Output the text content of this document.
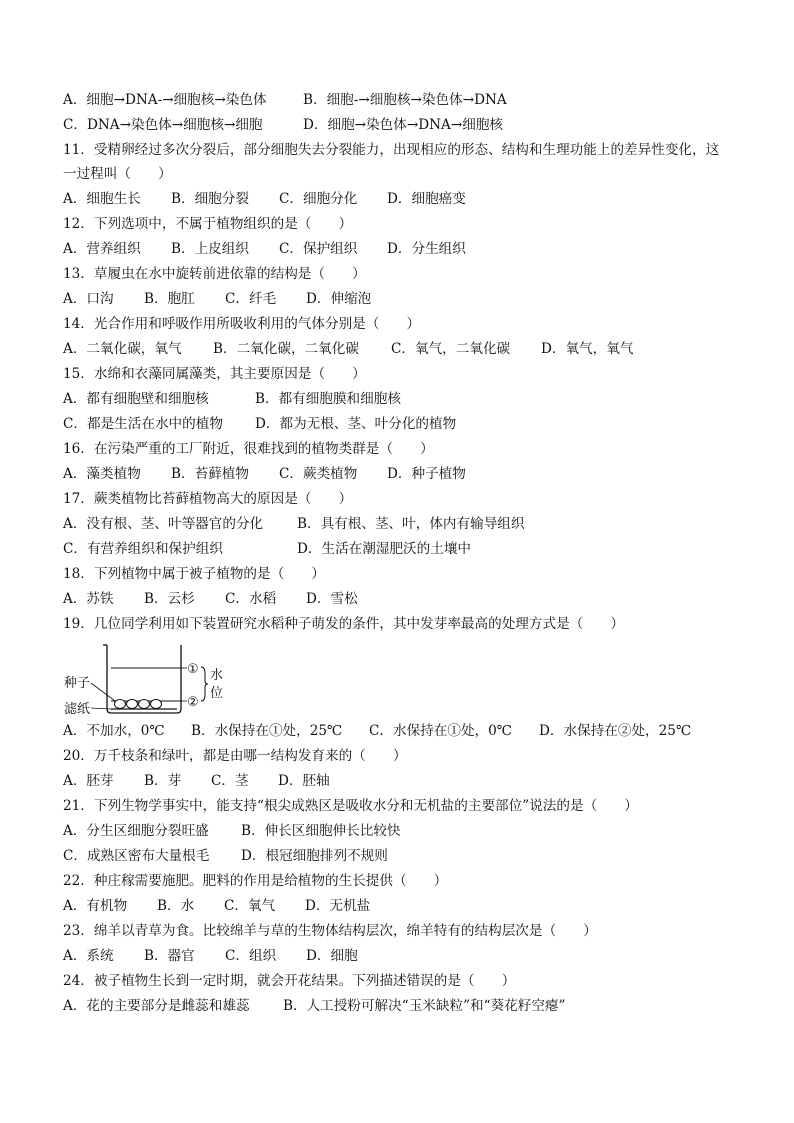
A．细胞→DNA-→细胞核→染色体	B．细胞-→细胞核→染色体→DNA
C．DNA→染色体→细胞核→细胞	D．细胞→染色体→DNA→细胞核
11．受精卵经过多次分裂后，部分细胞失去分裂能力，出现相应的形态、结构和生理功能上的差异性变化，这
一过程叫（　　）
A．细胞生长	B．细胞分裂	C．细胞分化	D．细胞癌变
12．下列选项中，不属于植物组织的是（　　）
A．营养组织	B．上皮组织	C．保护组织	D．分生组织
13．草履虫在水中旋转前进依靠的结构是（　　）
A．口沟	B．胞肛	C．纤毛	D．伸缩泡
14．光合作用和呼吸作用所吸收利用的气体分别是（　　）
A．二氧化碳，氧气	B．二氧化碳，二氧化碳	C．氧气，二氧化碳	D．氧气，氧气
15．水绵和衣藻同属藻类，其主要原因是（　　）
A．都有细胞壁和细胞核	B．都有细胞膜和细胞核
C．都是生活在水中的植物	D．都为无根、茎、叶分化的植物
16．在污染严重的工厂附近，很难找到的植物类群是（　　）
A．藻类植物	B．苔藓植物	C．蕨类植物	D．种子植物
17．蕨类植物比苔藓植物高大的原因是（　　）
A．没有根、茎、叶等器官的分化	B．具有根、茎、叶，体内有输导组织
C．有营养组织和保护组织	D．生活在潮湿肥沃的土壤中
18．下列植物中属于被子植物的是（　　）
A．苏铁	B．云杉	C．水稻	D．雪松
19．几位同学利用如下装置研究水稻种子萌发的条件，其中发芽率最高的处理方式是（　　）
种子
滤纸
①
②
水
位
A．不加水，0℃	B．水保持在①处，25℃	C．水保持在①处，0℃	D．水保持在②处，25℃
20．万千枝条和绿叶，都是由哪一结构发育来的（　　）
A．胚芽	B．芽	C．茎	D．胚轴
21．下列生物学事实中，能支持“根尖成熟区是吸收水分和无机盐的主要部位”说法的是（　　）
A．分生区细胞分裂旺盛	B．伸长区细胞伸长比较快
C．成熟区密布大量根毛	D．根冠细胞排列不规则
22．种庄稼需要施肥。肥料的作用是给植物的生长提供（　　）
A．有机物	B．水	C．氧气	D．无机盐
23．绵羊以青草为食。比较绵羊与草的生物体结构层次，绵羊特有的结构层次是（　　）
A．系统	B．器官	C．组织	D．细胞
24．被子植物生长到一定时期，就会开花结果。下列描述错误的是（　　）
A．花的主要部分是雌蕊和雄蕊	B．人工授粉可解决“玉米缺粒”和“葵花籽空瘪”
